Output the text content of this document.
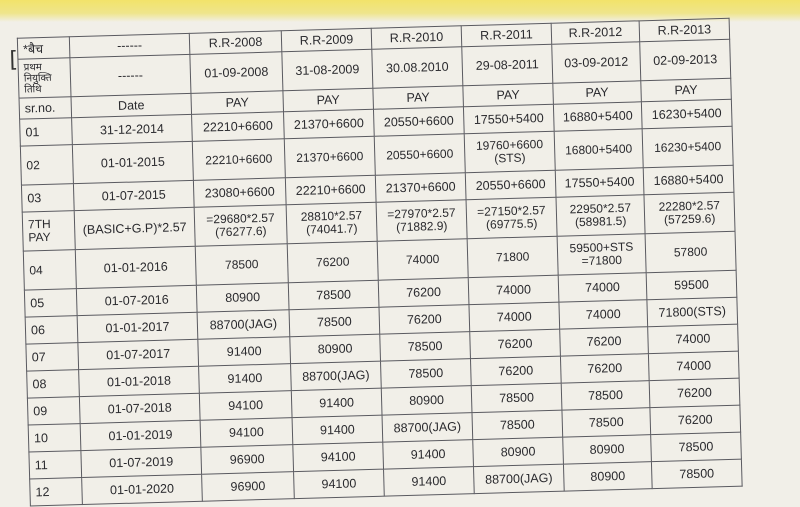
[ *बैच	------	R.R-2008	R.R-2009	R.R-2010	R.R-2011	R.R-2012	R.R-2013
प्रथम नियुक्ति तिथि	------	01-09-2008	31-08-2009	30.08.2010	29-08-2011	03-09-2012	02-09-2013
sr.no.	Date	PAY	PAY	PAY	PAY	PAY	PAY
01	31-12-2014	22210+6600	21370+6600	20550+6600	17550+5400	16880+5400	16230+5400
02	01-01-2015	22210+6600	21370+6600	20550+6600	19760+6600 (STS)	16800+5400	16230+5400
03	01-07-2015	23080+6600	22210+6600	21370+6600	20550+6600	17550+5400	16880+5400
7TH PAY	(BASIC+G.P)*2.57	=29680*2.57 (76277.6)	28810*2.57 (74041.7)	=27970*2.57 (71882.9)	=27150*2.57 (69775.5)	22950*2.57 (58981.5)	22280*2.57 (57259.6)
04	01-01-2016	78500	76200	74000	71800	59500+STS =71800	57800
05	01-07-2016	80900	78500	76200	74000	74000	59500
06	01-01-2017	88700(JAG)	78500	76200	74000	74000	71800(STS)
07	01-07-2017	91400	80900	78500	76200	76200	74000
08	01-01-2018	91400	88700(JAG)	78500	76200	76200	74000
09	01-07-2018	94100	91400	80900	78500	78500	76200
10	01-01-2019	94100	91400	88700(JAG)	78500	78500	76200
11	01-07-2019	96900	94100	91400	80900	80900	78500
12	01-01-2020	96900	94100	91400	88700(JAG)	80900	78500
